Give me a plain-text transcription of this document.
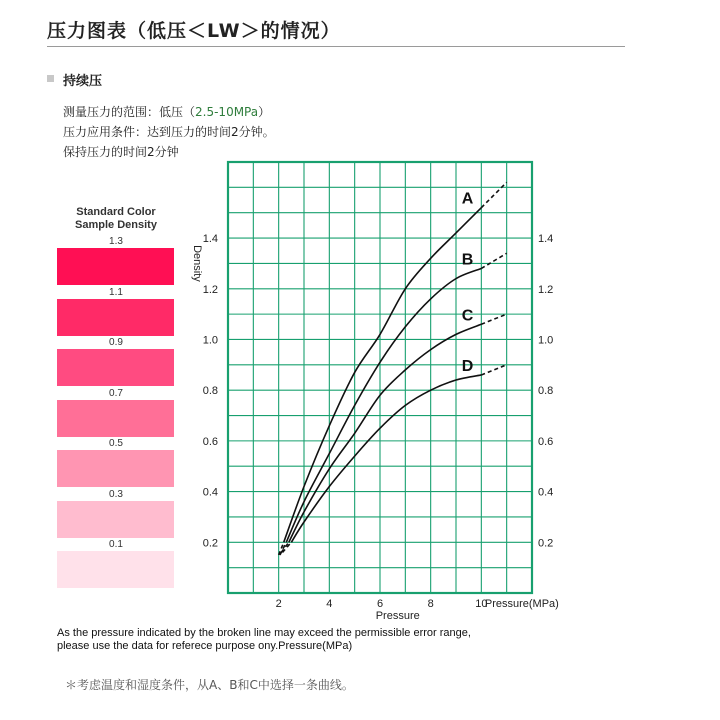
压力图表（低压＜LW＞的情况）
持续压
测量压力的范围：低压（2.5-10MPa）
压力应用条件：达到压力的时间2分钟。
保持压力的时间2分钟
Standard Color
Sample Density
1.3
1.1
0.9
0.7
0.5
0.3
0.1	0.2	0.2
0.4	0.4
0.6	0.6
0.8	0.8
1.0	1.0
1.2	1.2
1.4	1.4
2	4	6	8	10
Pressure
Pressure(MPa)
Density
A
B
C
D
As the pressure indicated by the broken line may exceed the permissible error range,
please use the data for referece purpose ony.Pressure(MPa)
＊考虑温度和湿度条件，从A、B和C中选择一条曲线。
